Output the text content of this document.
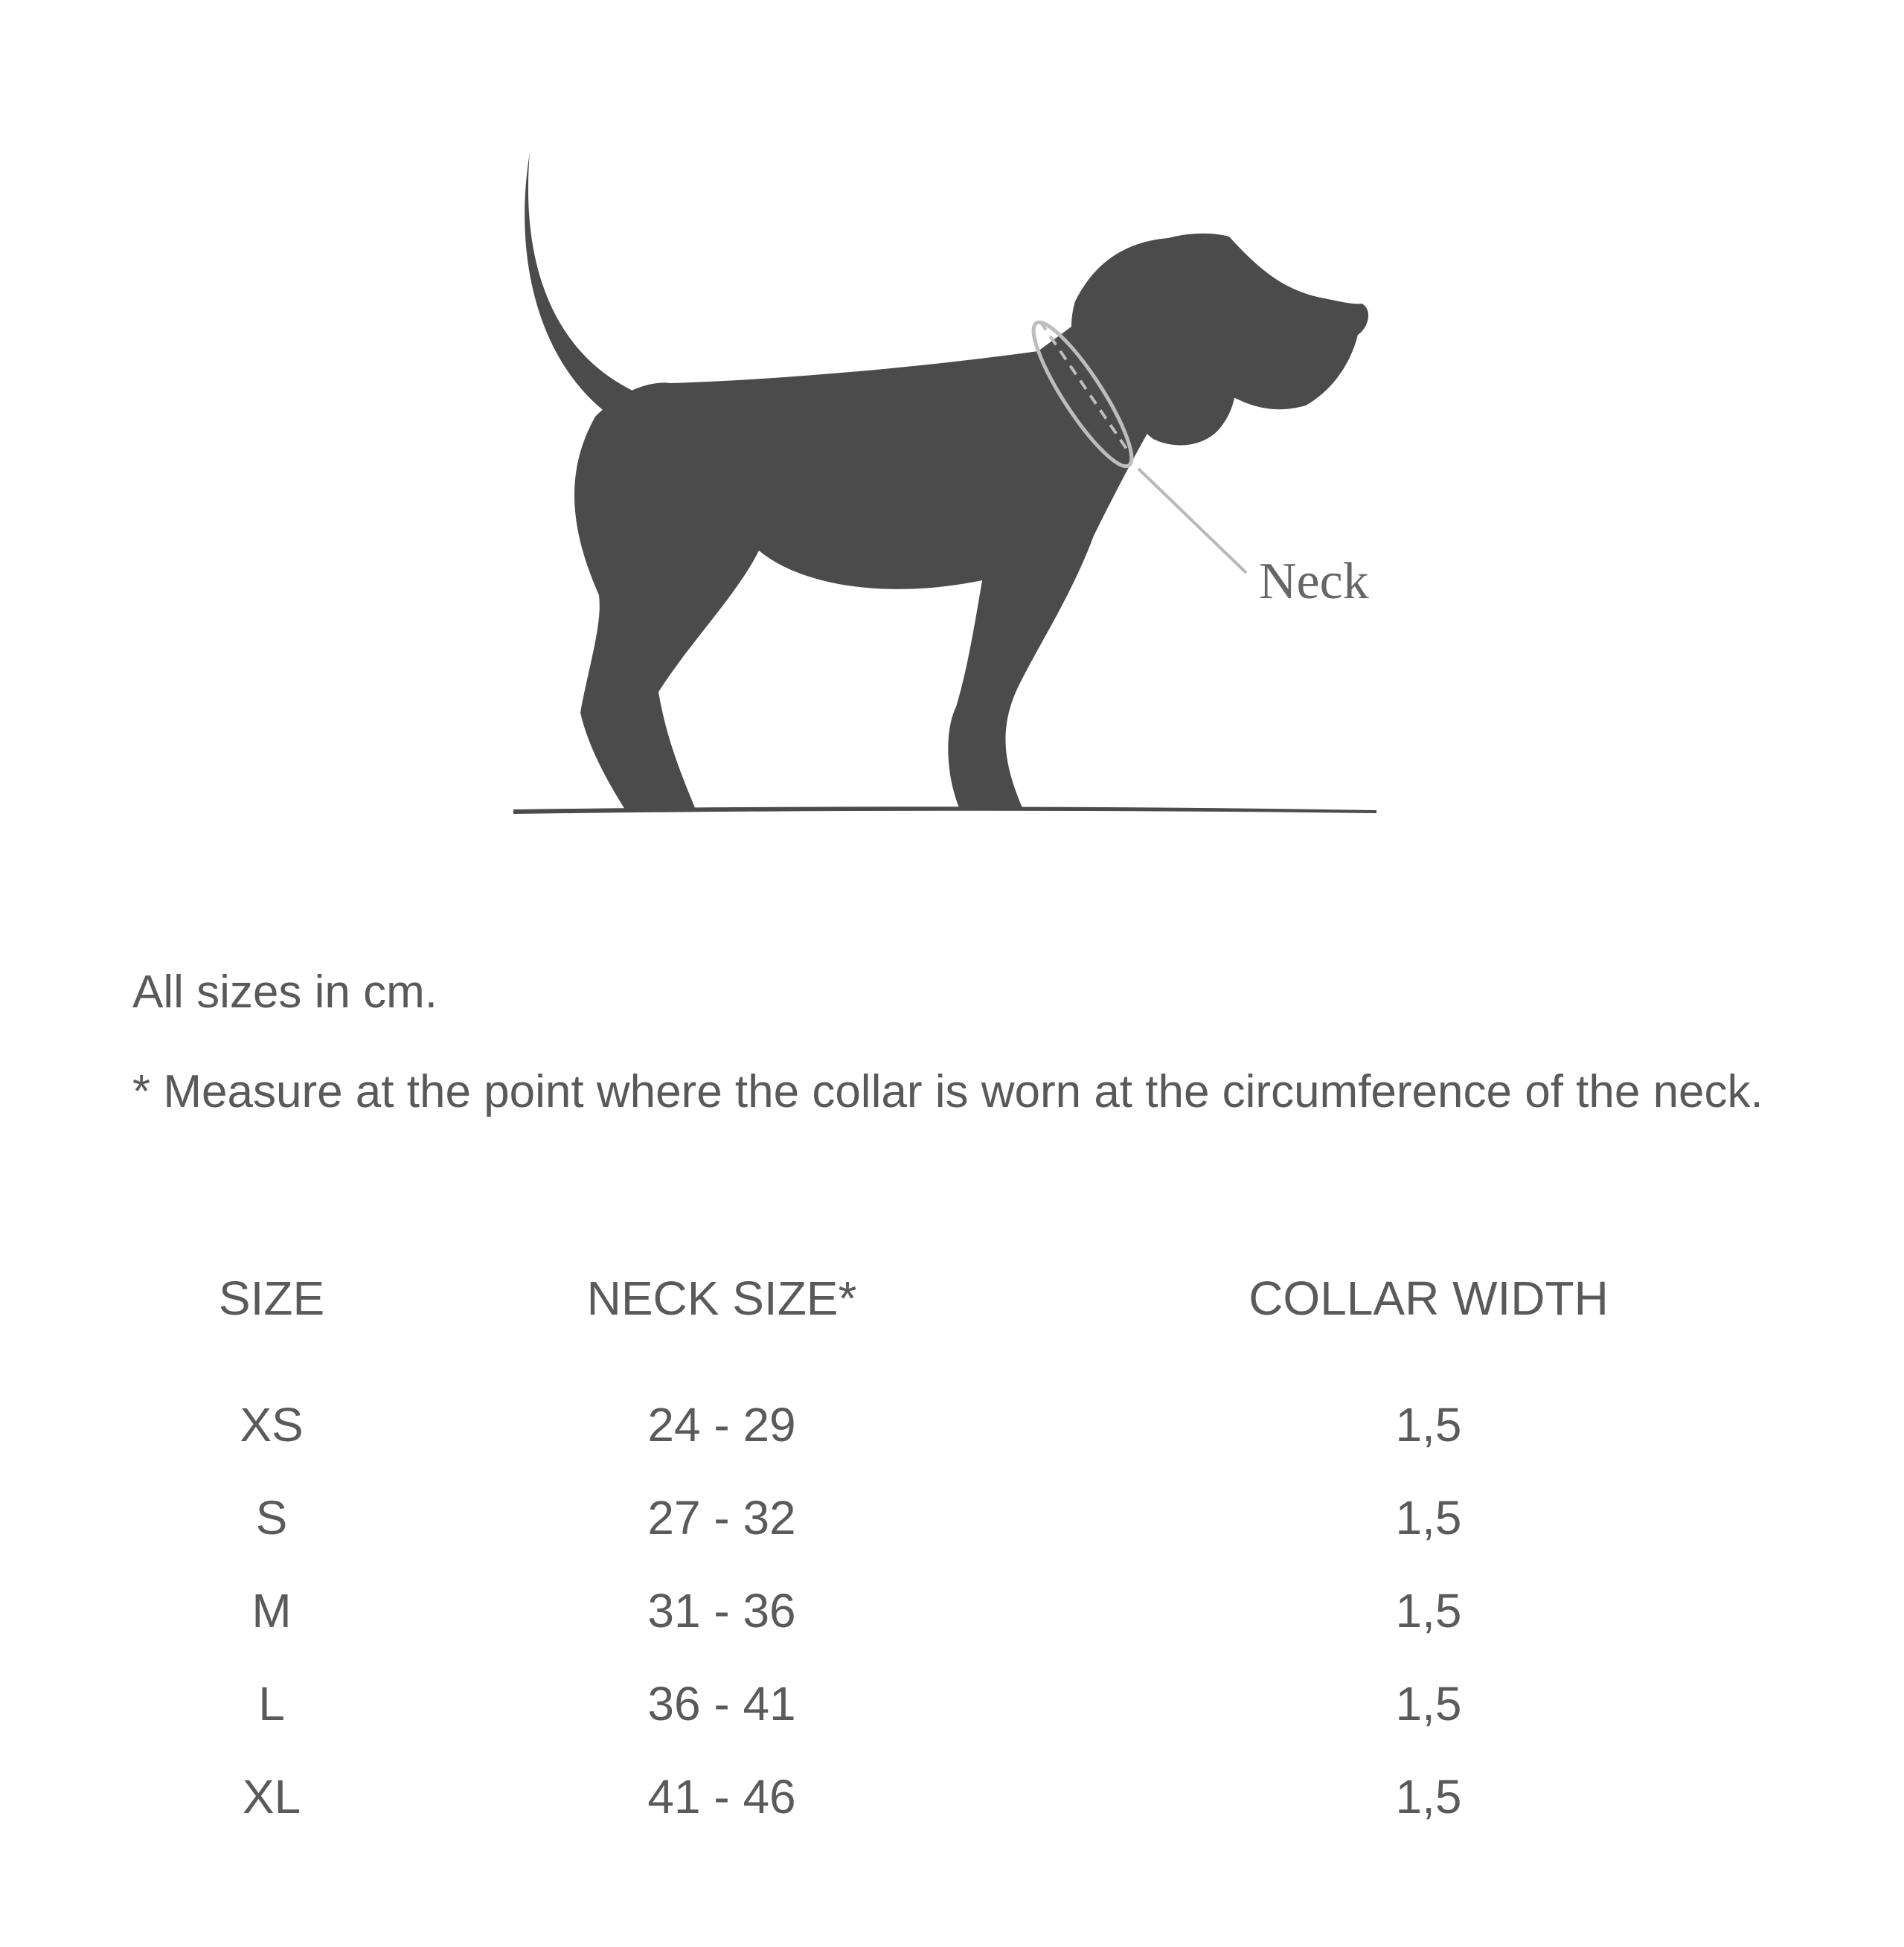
Neck

All sizes in cm.

* Measure at the point where the collar is worn at the circumference of the neck.

SIZE	NECK SIZE*	COLLAR WIDTH
XS	24 - 29	1,5
S	27 - 32	1,5
M	31 - 36	1,5
L	36 - 41	1,5
XL	41 - 46	1,5
